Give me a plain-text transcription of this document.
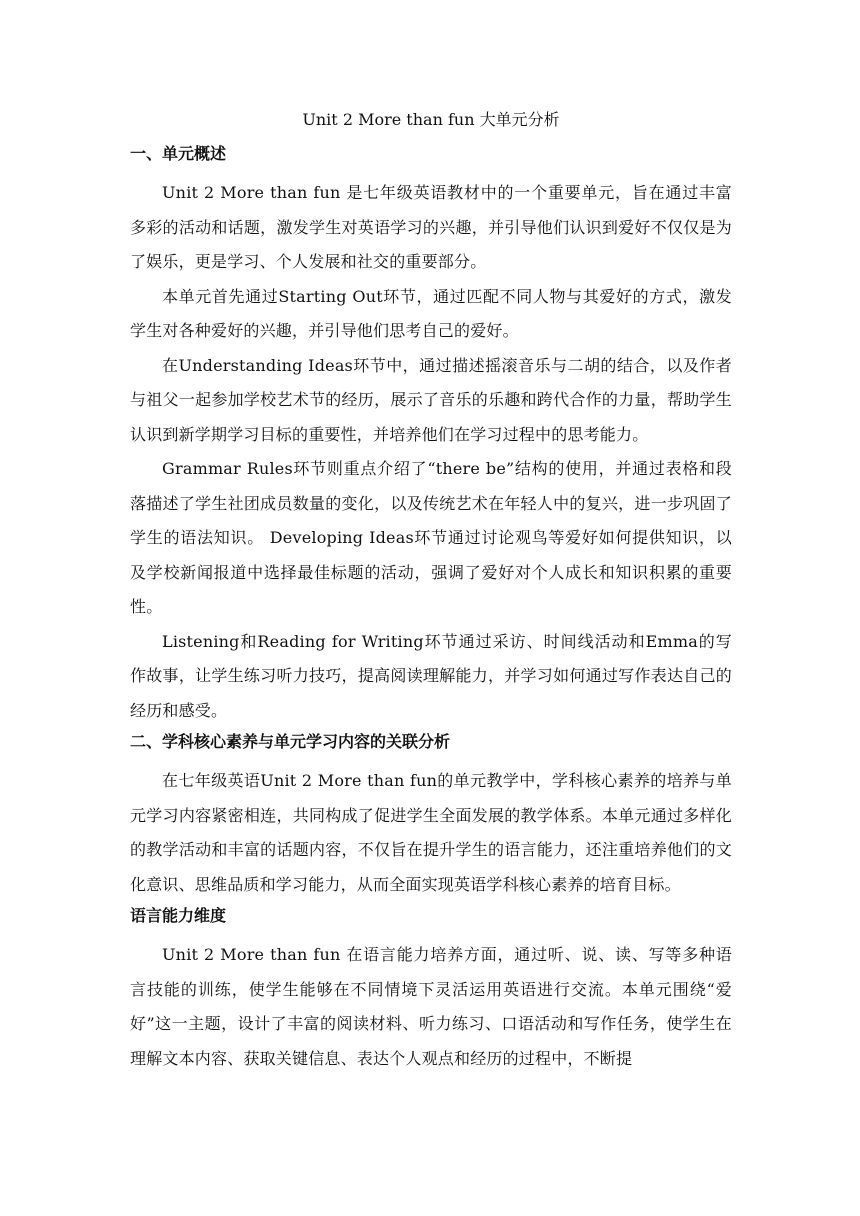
Unit 2 More than fun 大单元分析
一、单元概述

Unit 2 More than fun 是七年级英语教材中的一个重要单元，旨在通过丰富多彩的活动和话题，激发学生对英语学习的兴趣，并引导他们认识到爱好不仅仅是为了娱乐，更是学习、个人发展和社交的重要部分。

本单元首先通过Starting Out环节，通过匹配不同人物与其爱好的方式，激发学生对各种爱好的兴趣，并引导他们思考自己的爱好。

在Understanding Ideas环节中，通过描述摇滚音乐与二胡的结合，以及作者与祖父一起参加学校艺术节的经历，展示了音乐的乐趣和跨代合作的力量，帮助学生认识到新学期学习目标的重要性，并培养他们在学习过程中的思考能力。

Grammar Rules环节则重点介绍了“there be”结构的使用，并通过表格和段落描述了学生社团成员数量的变化，以及传统艺术在年轻人中的复兴，进一步巩固了学生的语法知识。 Developing Ideas环节通过讨论观鸟等爱好如何提供知识，以及学校新闻报道中选择最佳标题的活动，强调了爱好对个人成长和知识积累的重要性。

Listening和Reading for Writing环节通过采访、时间线活动和Emma的写作故事，让学生练习听力技巧，提高阅读理解能力，并学习如何通过写作表达自己的经历和感受。

二、学科核心素养与单元学习内容的关联分析

在七年级英语Unit 2 More than fun的单元教学中，学科核心素养的培养与单元学习内容紧密相连，共同构成了促进学生全面发展的教学体系。本单元通过多样化的教学活动和丰富的话题内容，不仅旨在提升学生的语言能力，还注重培养他们的文化意识、思维品质和学习能力，从而全面实现英语学科核心素养的培育目标。

语言能力维度

Unit 2 More than fun 在语言能力培养方面，通过听、说、读、写等多种语言技能的训练，使学生能够在不同情境下灵活运用英语进行交流。本单元围绕“爱好”这一主题，设计了丰富的阅读材料、听力练习、口语活动和写作任务，使学生在理解文本内容、获取关键信息、表达个人观点和经历的过程中，不断提
